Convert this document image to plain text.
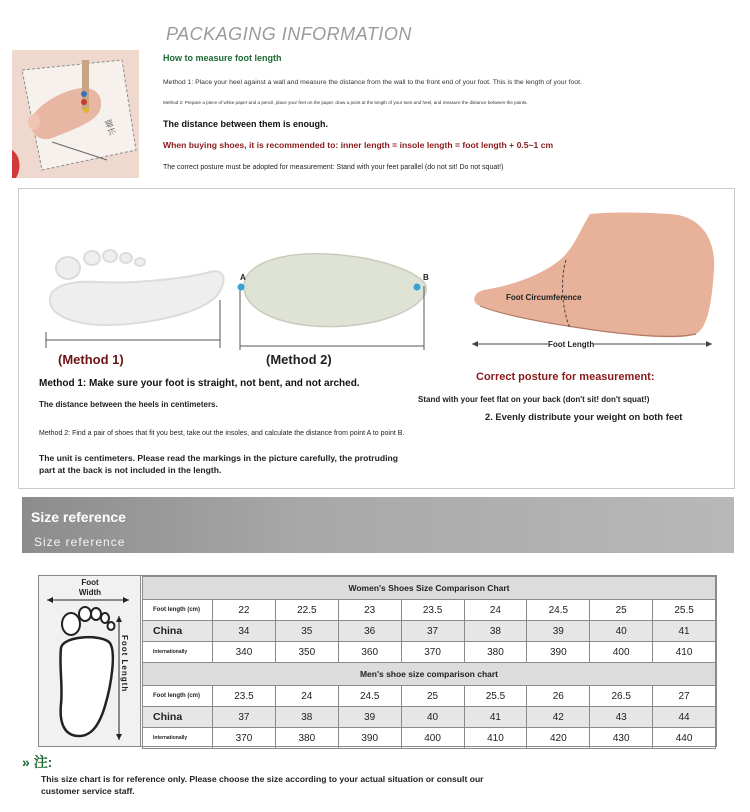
PACKAGING INFORMATION
脚长
How to measure foot length
Method 1: Place your heel against a wall and measure the distance from the wall to the front end of your foot. This is the length of your foot.
Method 2: Prepare a piece of white paper and a pencil, place your feet on the paper, draw a point at the length of your toes and heel, and measure the distance between the points.
The distance between them is enough.
When buying shoes, it is recommended to: inner length = insole length = foot length + 0.5~1 cm
The correct posture must be adopted for measurement: Stand with your feet parallel (do not sit! Do not squat!)
A	B
Foot Circumference
Foot Length
(Method 1)	(Method 2)
Method 1: Make sure your foot is straight, not bent, and not arched.
The distance between the heels in centimeters.
Method 2: Find a pair of shoes that fit you best, take out the insoles, and calculate the distance from point A to point B.
The unit is centimeters. Please read the markings in the picture carefully, the protruding part at the back is not included in the length.
Correct posture for measurement:
Stand with your feet flat on your back (don't sit! don't squat!)
2. Evenly distribute your weight on both feet
Size reference
Size reference
Foot Width
Foot Length
Women's Shoes Size Comparison Chart								
Foot length (cm)	22	22.5	23	23.5	24	24.5	25	25.5
China	34	35	36	37	38	39	40	41
Internationally	340	350	360	370	380	390	400	410
Men's shoe size comparison chart								
Foot length (cm)	23.5	24	24.5	25	25.5	26	26.5	27
China	37	38	39	40	41	42	43	44
Internationally	370	380	390	400	410	420	430	440
» 注:
This size chart is for reference only. Please choose the size according to your actual situation or consult our customer service staff.
